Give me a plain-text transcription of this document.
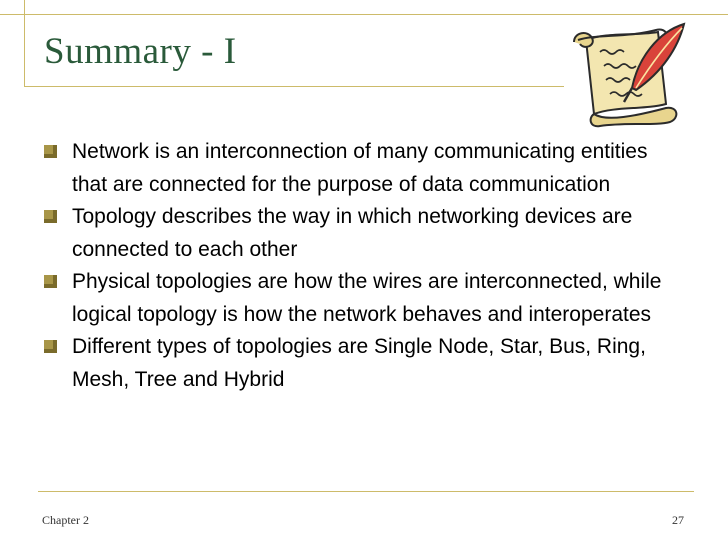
Summary - I
Network is an interconnection of many communicating entities that are connected for the purpose of data communication
Topology describes the way in which networking devices are connected to each other
Physical topologies are how the wires are interconnected, while logical topology is how the network behaves and interoperates
Different types of topologies are Single Node, Star, Bus, Ring, Mesh, Tree and Hybrid
Chapter 2	27
